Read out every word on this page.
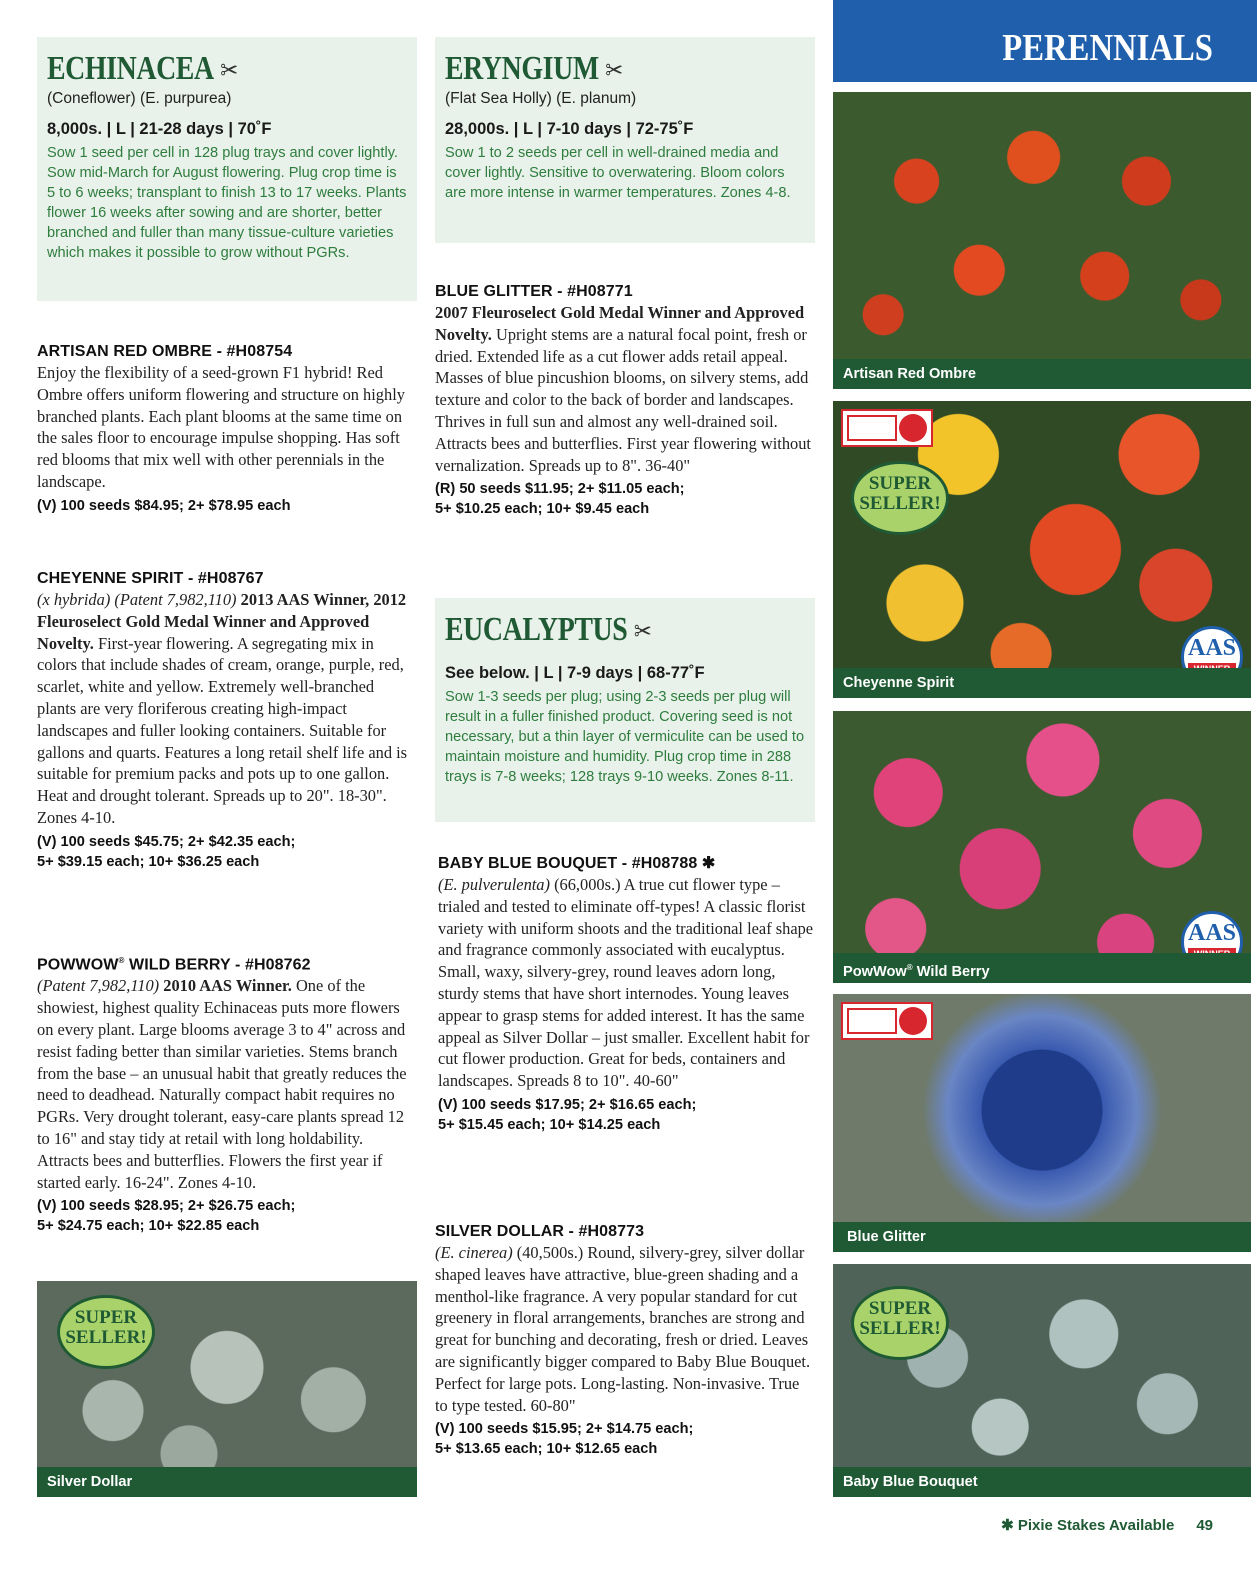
PERENNIALS
ECHINACEA ✂
(Coneflower) (E. purpurea)
8,000s. | L | 21-28 days | 70˚F
Sow 1 seed per cell in 128 plug trays and cover lightly. Sow mid-March for August flowering. Plug crop time is 5 to 6 weeks; transplant to finish 13 to 17 weeks. Plants flower 16 weeks after sowing and are shorter, better branched and fuller than many tissue-culture varieties which makes it possible to grow without PGRs.
ERYNGIUM ✂
(Flat Sea Holly) (E. planum)
28,000s. | L | 7-10 days | 72-75˚F
Sow 1 to 2 seeds per cell in well-drained media and cover lightly. Sensitive to overwatering. Bloom colors are more intense in warmer temperatures. Zones 4-8.
EUCALYPTUS ✂
See below. | L | 7-9 days | 68-77˚F
Sow 1-3 seeds per plug; using 2-3 seeds per plug will result in a fuller finished product. Covering seed is not necessary, but a thin layer of vermiculite can be used to maintain moisture and humidity. Plug crop time in 288 trays is 7-8 weeks; 128 trays 9-10 weeks. Zones 8-11.
ARTISAN RED OMBRE - #H08754

Enjoy the flexibility of a seed-grown F1 hybrid! Red Ombre offers uniform flowering and structure on highly branched plants. Each plant blooms at the same time on the sales floor to encourage impulse shopping. Has soft red blooms that mix well with other perennials in the landscape.

(V) 100 seeds $84.95; 2+ $78.95 each
CHEYENNE SPIRIT - #H08767

(x hybrida) (Patent 7,982,110) 2013 AAS Winner, 2012 Fleuroselect Gold Medal Winner and Approved Novelty. First-year flowering. A segregating mix in colors that include shades of cream, orange, purple, red, scarlet, white and yellow. Extremely well-branched plants are very floriferous creating high-impact landscapes and fuller looking containers. Suitable for gallons and quarts. Features a long retail shelf life and is suitable for premium packs and pots up to one gallon. Heat and drought tolerant. Spreads up to 20". 18-30". Zones 4-10.

(V) 100 seeds $45.75; 2+ $42.35 each;
5+ $39.15 each; 10+ $36.25 each
POWWOW® WILD BERRY - #H08762

(Patent 7,982,110) 2010 AAS Winner. One of the showiest, highest quality Echinaceas puts more flowers on every plant. Large blooms average 3 to 4" across and resist fading better than similar varieties. Stems branch from the base – an unusual habit that greatly reduces the need to deadhead. Naturally compact habit requires no PGRs. Very drought tolerant, easy-care plants spread 12 to 16" and stay tidy at retail with long holdability. Attracts bees and butterflies. Flowers the first year if started early. 16-24". Zones 4-10.

(V) 100 seeds $28.95; 2+ $26.75 each;
5+ $24.75 each; 10+ $22.85 each
BLUE GLITTER - #H08771

2007 Fleuroselect Gold Medal Winner and Approved Novelty. Upright stems are a natural focal point, fresh or dried. Extended life as a cut flower adds retail appeal. Masses of blue pincushion blooms, on silvery stems, add texture and color to the back of border and landscapes. Thrives in full sun and almost any well-drained soil. Attracts bees and butterflies. First year flowering without vernalization. Spreads up to 8". 36-40"

(R) 50 seeds $11.95; 2+ $11.05 each;
5+ $10.25 each; 10+ $9.45 each
BABY BLUE BOUQUET - #H08788 ✱

(E. pulverulenta) (66,000s.) A true cut flower type – trialed and tested to eliminate off-types! A classic florist variety with uniform shoots and the traditional leaf shape and fragrance commonly associated with eucalyptus. Small, waxy, silvery-grey, round leaves adorn long, sturdy stems that have short internodes. Young leaves appear to grasp stems for added interest. It has the same appeal as Silver Dollar – just smaller. Excellent habit for cut flower production. Great for beds, containers and landscapes. Spreads 8 to 10". 40-60"

(V) 100 seeds $17.95; 2+ $16.65 each;
5+ $15.45 each; 10+ $14.25 each
SILVER DOLLAR - #H08773

(E. cinerea) (40,500s.) Round, silvery-grey, silver dollar shaped leaves have attractive, blue-green shading and a menthol-like fragrance. A very popular standard for cut greenery in floral arrangements, branches are strong and great for bunching and decorating, fresh or dried. Leaves are significantly bigger compared to Baby Blue Bouquet. Perfect for large pots. Long-lasting. Non-invasive. True to type tested. 60-80"

(V) 100 seeds $15.95; 2+ $14.75 each;
5+ $13.65 each; 10+ $12.65 each
Artisan Red Ombre
SUPER
SELLER!
AAS
Cheyenne Spirit
AAS
PowWow® Wild Berry
Blue Glitter
SUPER
SELLER!
Baby Blue Bouquet
SUPER
SELLER!
Silver Dollar
✱ Pixie Stakes Available 49
